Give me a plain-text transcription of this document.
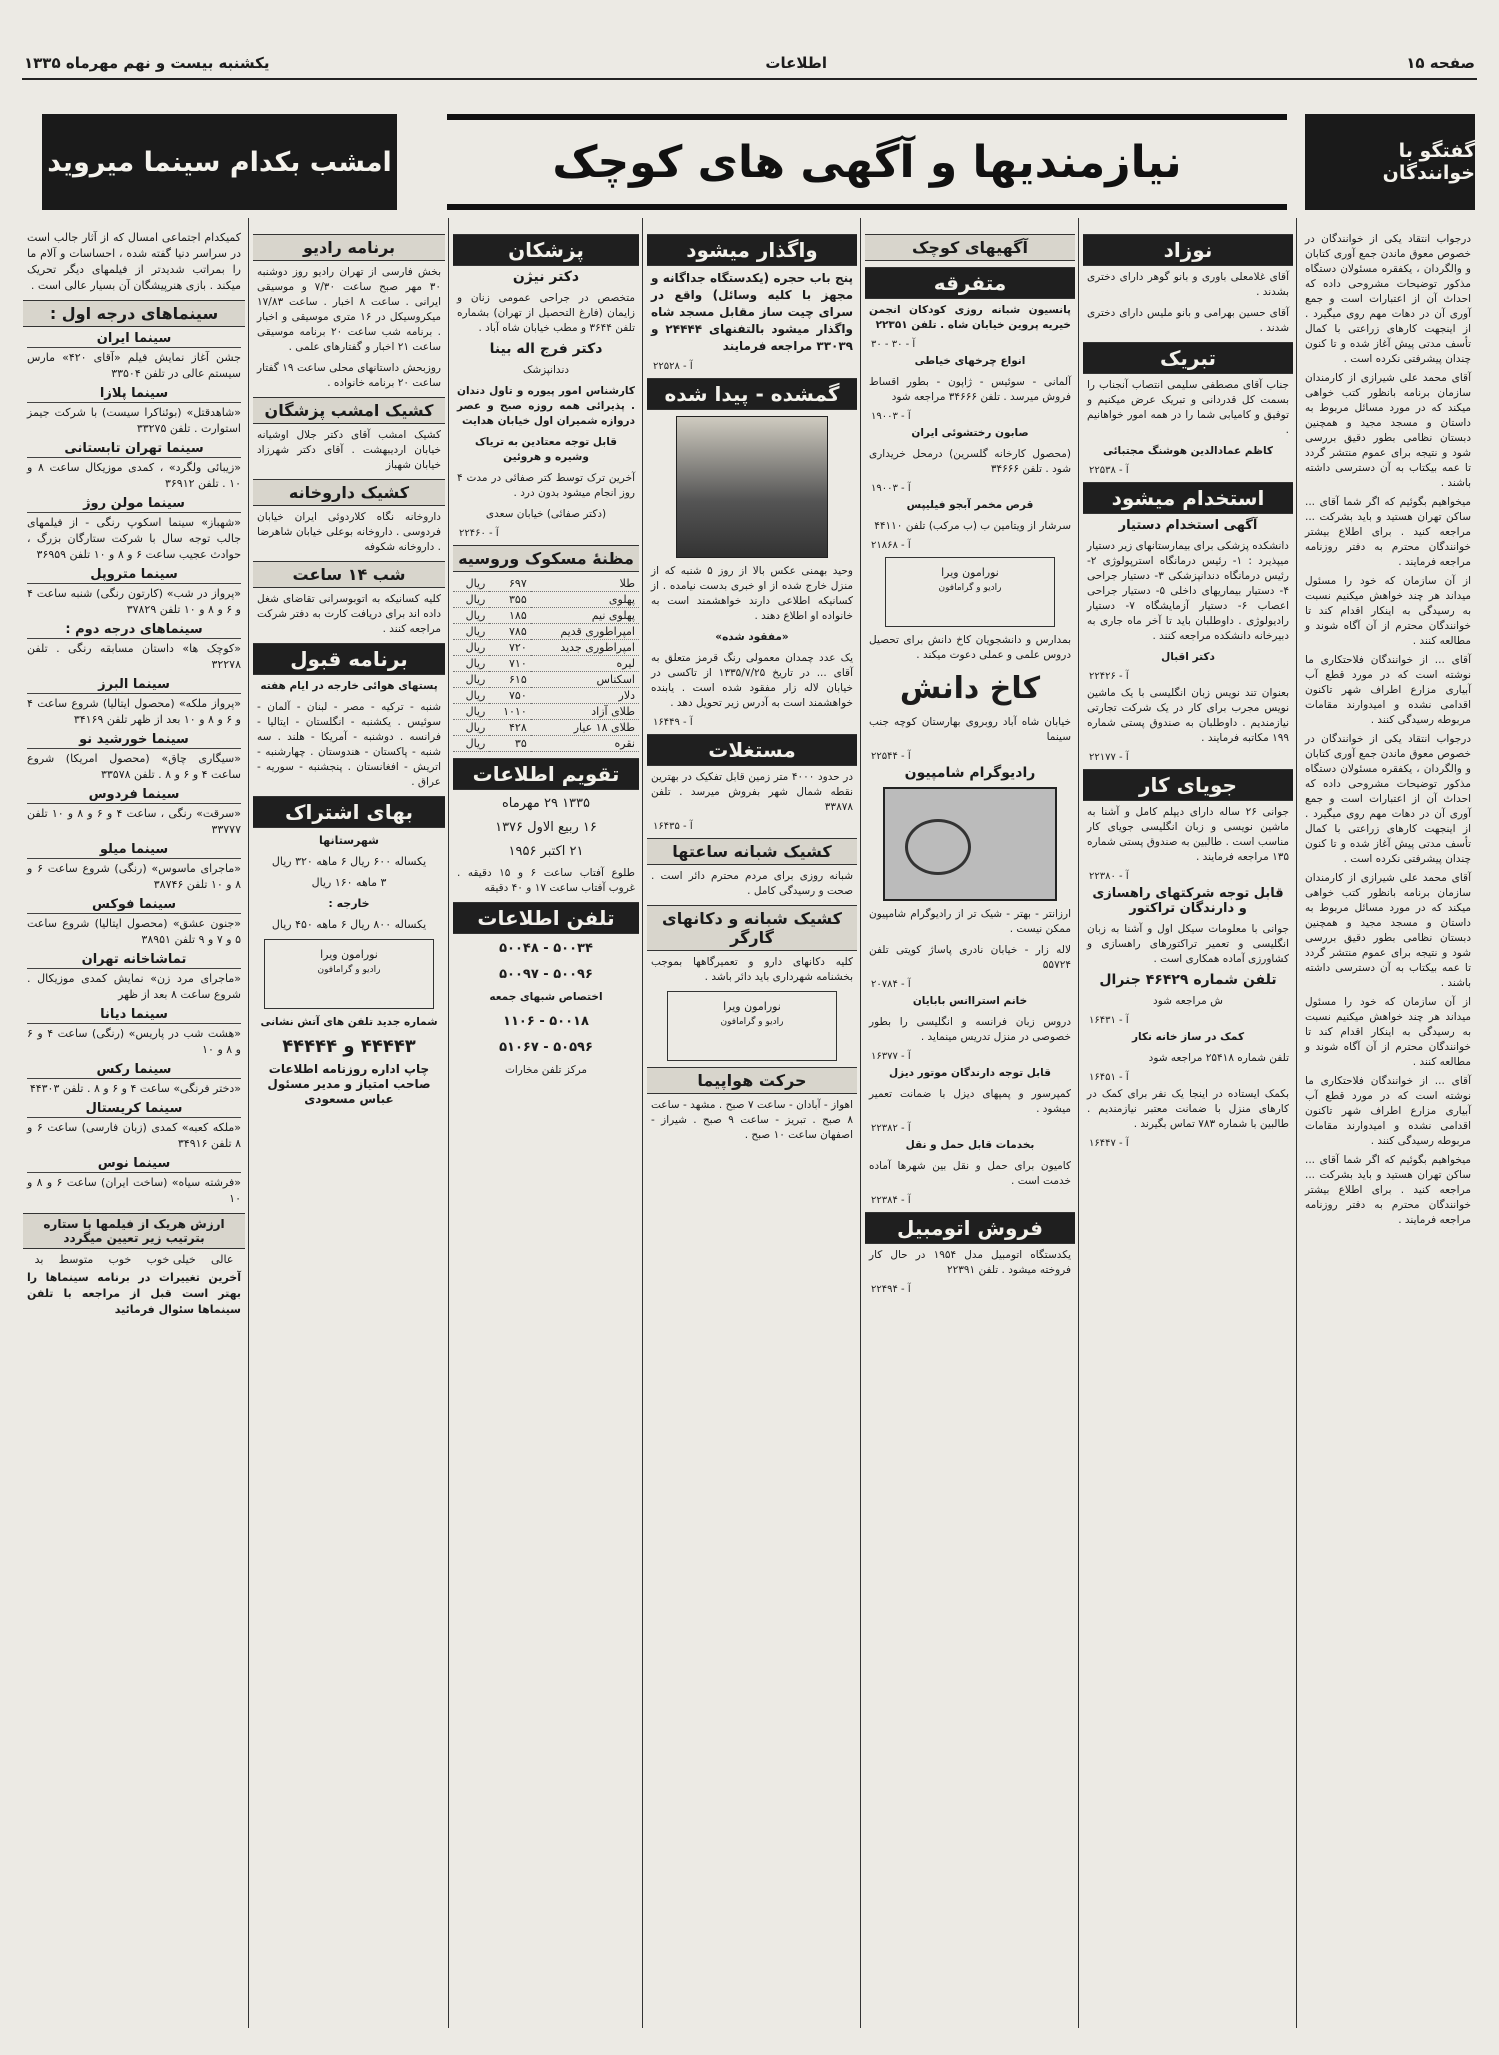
صفحه ۱۵
اطلاعات
یکشنبه بیست و نهم مهرماه ۱۳۳۵
گفتگو با خوانندگان
نیازمندیها و آگهی های کوچک
امشب بکدام سینما میروید

درجواب انتقاد یکی از خوانندگان در خصوص معوق ماندن جمع آوری کتابان و والگردان ، یکفقره مسئولان دستگاه مذکور توضیحات مشروحی داده که احداث آن از اعتبارات است و جمع آوری آن در دهات مهم روی میگیرد . از اینجهت کارهای زراعتی با کمال تأسف مدتی پیش آغاز شده و تا کنون چندان پیشرفتی نکرده است .

آقای محمد علی شیرازی از کارمندان سازمان برنامه بانظور کتب خواهی میکند که در مورد مسائل مربوط به داستان و مسجد مجید و همچنین دبستان نظامی بطور دقیق بررسی شود و نتیجه برای عموم منتشر گردد تا عمه بیکتاب به آن دسترسی داشته باشند .

میخواهیم بگوئیم که اگر شما آقای ... ساکن تهران هستید و باید بشرکت ... مراجعه کنید . برای اطلاع بیشتر خوانندگان محترم به دفتر روزنامه مراجعه فرمایند .

از آن سازمان که خود را مسئول میداند هر چند خواهش میکنیم نسبت به رسیدگی به اینکار اقدام کند تا خوانندگان محترم از آن آگاه شوند و مطالعه کنند .

آقای ... از خوانندگان فلاحتکاری ما نوشته است که در مورد قطع آب آبیاری مزارع اطراف شهر تاکنون اقدامی نشده و امیدوارند مقامات مربوطه رسیدگی کنند .

درجواب انتقاد یکی از خوانندگان در خصوص معوق ماندن جمع آوری کتابان و والگردان ، یکفقره مسئولان دستگاه مذکور توضیحات مشروحی داده که احداث آن از اعتبارات است و جمع آوری آن در دهات مهم روی میگیرد . از اینجهت کارهای زراعتی با کمال تأسف مدتی پیش آغاز شده و تا کنون چندان پیشرفتی نکرده است .

آقای محمد علی شیرازی از کارمندان سازمان برنامه بانظور کتب خواهی میکند که در مورد مسائل مربوط به داستان و مسجد مجید و همچنین دبستان نظامی بطور دقیق بررسی شود و نتیجه برای عموم منتشر گردد تا عمه بیکتاب به آن دسترسی داشته باشند .

از آن سازمان که خود را مسئول میداند هر چند خواهش میکنیم نسبت به رسیدگی به اینکار اقدام کند تا خوانندگان محترم از آن آگاه شوند و مطالعه کنند .

آقای ... از خوانندگان فلاحتکاری ما نوشته است که در مورد قطع آب آبیاری مزارع اطراف شهر تاکنون اقدامی نشده و امیدوارند مقامات مربوطه رسیدگی کنند .

میخواهیم بگوئیم که اگر شما آقای ... ساکن تهران هستید و باید بشرکت ... مراجعه کنید . برای اطلاع بیشتر خوانندگان محترم به دفتر روزنامه مراجعه فرمایند .

نوزاد

آقای غلامعلی باوری و بانو گوهر دارای دختری بشدند .

آقای حسین بهرامی و بانو ملیس دارای دختری شدند .

تبریک

جناب آقای مصطفی سلیمی انتصاب آنجناب را بسمت کل قدردانی و تبریک عرض میکنیم و توفیق و کامیابی شما را در همه امور خواهانیم .

کاظم عمادالدین هوشنگ مجتبائی

آ - ۲۲۵۳۸
استخدام میشود

آگهی استخدام دستیار

دانشکده پزشکی برای بیمارستانهای زیر دستیار میپذیرد : ۱- رئیس درمانگاه استرپولوژی ۲- رئیس درمانگاه دندانپزشکی ۳- دستیار جراحی ۴- دستیار بیماریهای داخلی ۵- دستیار جراحی اعصاب ۶- دستیار آزمایشگاه ۷- دستیار رادیولوژی . داوطلبان باید تا آخر ماه جاری به دبیرخانه دانشکده مراجعه کنند .

دکتر اقبال

آ - ۲۲۴۲۶

بعنوان تند نویس زبان انگلیسی با یک ماشین نویس مجرب برای کار در یک شرکت تجارتی نیازمندیم . داوطلبان به صندوق پستی شماره ۱۹۹ مکاتبه فرمایند .

آ - ۲۲۱۷۷
جویای کار

جوانی ۲۶ ساله دارای دیپلم کامل و آشنا به ماشین نویسی و زبان انگلیسی جویای کار مناسب است . طالبین به صندوق پستی شماره ۱۳۵ مراجعه فرمایند .

آ - ۲۲۳۸۰

قابل توجه شرکتهای راهسازی و دارندگان تراکتور

جوانی با معلومات سیکل اول و آشنا به زبان انگلیسی و تعمیر تراکتورهای راهسازی و کشاورزی آماده همکاری است .

تلفن شماره ۴۶۴۲۹ جنرال

ش مراجعه شود

آ - ۱۶۴۳۱

کمک در ساز خانه نکار

تلفن شماره ۲۵۴۱۸ مراجعه شود

آ - ۱۶۴۵۱

بکمک ایستاده در اینجا یک نفر برای کمک در کارهای منزل با ضمانت معتبر نیازمندیم . طالبین با شماره ۷۸۳ تماس بگیرند .

آ - ۱۶۴۴۷
آگهیهای کوچک
متفرقه

پانسیون شبانه روزی کودکان انجمن خیریه پروین خیابان شاه . تلفن ۲۲۳۵۱

آ - ۳۰ - ۳۰

انواع چرخهای خیاطی

آلمانی - سوئیس - ژاپون - بطور اقساط فروش میرسد . تلفن ۳۴۶۶۶ مراجعه شود

آ - ۱۹۰۰۳

صابون رختشوئی ایران

(محصول کارخانه گلسرین) درمحل خریداری شود . تلفن ۳۴۶۶۶

آ - ۱۹۰۰۳

قرص مخمر آبجو فیلیپس

سرشار از ویتامین ب (ب مرکب) تلفن ۴۴۱۱۰

آ - ۲۱۸۶۸
نورامون ویرا
رادیو و گرامافون

بمدارس و دانشجویان کاخ دانش برای تحصیل دروس علمی و عملی دعوت میکند .

کاخ دانش

خیابان شاه آباد روبروی بهارستان کوچه جنب سینما

آ - ۲۲۵۴۴

رادیوگرام شامپیون

ارزانتر - بهتر - شیک تر از رادیوگرام شامپیون ممکن نیست .

لاله زار - خیابان نادری پاساژ کویتی تلفن ۵۵۷۲۴

آ - ۲۰۷۸۴

خانم استراانس بابایان

دروس زبان فرانسه و انگلیسی را بطور خصوصی در منزل تدریس مینماید .

آ - ۱۶۳۷۷

قابل توجه دارندگان موتور دیزل

کمپرسور و پمپهای دیزل با ضمانت تعمیر میشود .

آ - ۲۲۳۸۲

بخدمات قابل حمل و نقل

کامیون برای حمل و نقل بین شهرها آماده خدمت است .

آ - ۲۲۳۸۴
فروش اتومبیل

یکدستگاه اتومبیل مدل ۱۹۵۴ در حال کار فروخته میشود . تلفن ۲۲۳۹۱

آ - ۲۲۴۹۴
واگذار میشود

پنج باب حجره (یکدستگاه جداگانه و مجهز با کلیه وسائل) واقع در سرای چیت ساز مقابل مسجد شاه واگذار میشود بالتفنهای ۲۴۴۴۴ و ۳۳۰۳۹ مراجعه فرمایند

آ - ۲۲۵۲۸
گمشده - پیدا شده

وحید بهمنی عکس بالا از روز ۵ شنبه که از منزل خارج شده از او خبری بدست نیامده . از کسانیکه اطلاعی دارند خواهشمند است به خانواده او اطلاع دهند .

«مفقود شده»

یک عدد چمدان معمولی رنگ قرمز متعلق به آقای ... در تاریخ ۱۳۳۵/۷/۲۵ از تاکسی در خیابان لاله زار مفقود شده است . یابنده خواهشمند است به آدرس زیر تحویل دهد .

آ - ۱۶۴۴۹
مستغلات

در حدود ۴۰۰۰ متر زمین قابل تفکیک در بهترین نقطه شمال شهر بفروش میرسد . تلفن ۳۳۸۷۸

آ - ۱۶۴۳۵
کشیک شبانه ساعتها

شبانه روزی برای مردم محترم دائر است . صحت و رسیدگی کامل .

کشیک شبانه و دکانهای گارگر

کلیه دکانهای دارو و تعمیرگاهها بموجب بخشنامه شهرداری باید دائر باشد .

نورامون ویرا
رادیو و گرامافون
حرکت هواپیما

اهواز - آبادان - ساعت ۷ صبح . مشهد - ساعت ۸ صبح . تبریز - ساعت ۹ صبح . شیراز - اصفهان ساعت ۱۰ صبح .

پزشکان

دکتر نیژن

متخصص در جراحی عمومی زنان و زایمان (فارغ التحصیل از تهران) بشماره تلفن ۳۶۴۴ و مطب خیابان شاه آباد .

دکتر فرج اله بینا

دندانپزشک

کارشناس امور پیوره و تاول دندان . پذیرائی همه روزه صبح و عصر دروازه شمیران اول خیابان هدایت

قابل توجه معتادین به تریاک وشیره و هروئین

آخرین ترک توسط کتر صفائی در مدت ۴ روز انجام میشود بدون درد .

(دکتر صفائی) خیابان سعدی

آ - ۲۲۴۶۰
مظنهٔ مسکوک وروسیه
طلا	۶۹۷	ریال
پهلوی	۳۵۵	ریال
پهلوی نیم	۱۸۵	ریال
امپراطوری قدیم	۷۸۵	ریال
امپراطوری جدید	۷۲۰	ریال
لیره	۷۱۰	ریال
اسکناس	۶۱۵	ریال
دلار	۷۵۰	ریال
طلای آزاد	۱۰۱۰	ریال
طلای ۱۸ عیار	۴۲۸	ریال
نقره	۳۵	ریال
تقویم اطلاعات
۱۳۳۵ ۲۹ مهرماه
۱۶ ربیع الاول ۱۳۷۶
۲۱ اکتبر ۱۹۵۶

طلوع آفتاب ساعت ۶ و ۱۵ دقیقه . غروب آفتاب ساعت ۱۷ و ۴۰ دقیقه

تلفن اطلاعات
۵۰۰۳۴ - ۵۰۰۴۸
۵۰۰۹۶ - ۵۰۰۹۷

اختصاص شبهای جمعه

۵۰۰۱۸ - ۱۱۰۶
۵۰۵۹۶ - ۵۱۰۶۷

مرکز تلفن مخارات

برنامه رادیو

بخش فارسی از تهران رادیو روز دوشنبه ۳۰ مهر صبح ساعت ۷/۳۰ و موسیقی ایرانی . ساعت ۸ اخبار . ساعت ۱۷/۸۳ میکروسیکل در ۱۶ متری موسیقی و اخبار . برنامه شب ساعت ۲۰ برنامه موسیقی ساعت ۲۱ اخبار و گفتارهای علمی .

روزبحش داستانهای محلی ساعت ۱۹ گفتار ساعت ۲۰ برنامه خانواده .

کشیک امشب پزشگان

کشیک امشب آقای دکتر جلال اوشیانه خیابان اردیبهشت . آقای دکتر شهرزاد خیابان شهباز

کشیک داروخانه

داروخانه نگاه کلاردوئی ایران خیابان فردوسی . داروخانه بوعلی خیابان شاهرضا . داروخانه شکوفه

شب ۱۴ ساعت

کلیه کسانیکه به اتوبوسرانی تقاضای شغل داده اند برای دریافت کارت به دفتر شرکت مراجعه کنند .

برنامه قبول

پستهای هوائی خارجه در ایام هفته

شنبه - ترکیه - مصر - لبنان - آلمان - سوئیس . یکشنبه - انگلستان - ایتالیا - فرانسه . دوشنبه - آمریکا - هلند . سه شنبه - پاکستان - هندوستان . چهارشنبه - اتریش - افغانستان . پنجشنبه - سوریه - عراق .

بهای اشتراک

شهرستانها

یکساله ۶۰۰ ریال ۶ ماهه ۳۲۰ ریال

۳ ماهه ۱۶۰ ریال

خارجه :

یکساله ۸۰۰ ریال ۶ ماهه ۴۵۰ ریال

نورامون ویرا
رادیو و گرامافون

شماره جدید تلفن های آتش نشانی

۴۴۴۴۳ و ۴۴۴۴۴

چاپ اداره روزنامه اطلاعات صاحب امتیاز و مدیر مسئول عباس مسعودی

کمیکدام اجتماعی امسال که از آثار جالب است در سراسر دنیا گفته شده ، احساسات و آلام ما را بمراتب شدیدتر از فیلمهای دیگر تحریک میکند . بازی هنرپیشگان آن بسیار عالی است .

سینماهای درجه اول :
سینما ایران
جشن آغاز نمایش فیلم «آقای ۴۲۰» مارس سیستم عالی در تلفن ۳۳۵۰۴
سینما پلازا
«شاهدقتل» (بوئناکرا سیست) با شرکت جیمز استوارت . تلفن ۳۳۲۷۵
سینما تهران تابستانی
«زیبائی ولگرد» ، کمدی موزیکال ساعت ۸ و ۱۰ . تلفن ۳۶۹۱۲
سینما مولن روژ
«شهباز» سینما اسکوپ رنگی - از فیلمهای جالب توجه سال با شرکت ستارگان بزرگ ، حوادث عجیب ساعت ۶ و ۸ و ۱۰ تلفن ۳۶۹۵۹
سینما متروپل
«پرواز در شب» (کارتون رنگی) شنبه ساعت ۴ و ۶ و ۸ و ۱۰ تلفن ۳۷۸۲۹
سینماهای درجه دوم :
«کوچک ها» داستان مسابقه رنگی . تلفن ۳۲۲۷۸
سینما البرز
«پرواز ملکه» (محصول ایتالیا) شروع ساعت ۴ و ۶ و ۸ و ۱۰ بعد از ظهر تلفن ۳۴۱۶۹
سینما خورشید نو
«سیگاری چاق» (محصول امریکا) شروع ساعت ۴ و ۶ و ۸ . تلفن ۳۳۵۷۸
سینما فردوس
«سرقت» رنگی ، ساعت ۴ و ۶ و ۸ و ۱۰ تلفن ۳۳۷۷۷
سینما میلو
«ماجرای ماسوس» (رنگی) شروع ساعت ۶ و ۸ و ۱۰ تلفن ۳۸۷۴۶
سینما فوکس
«جنون عشق» (محصول ایتالیا) شروع ساعت ۵ و ۷ و ۹ تلفن ۳۸۹۵۱
تماشاخانه تهران
«ماجرای مرد زن» نمایش کمدی موزیکال . شروع ساعت ۸ بعد از ظهر
سینما دیانا
«هشت شب در پاریس» (رنگی) ساعت ۴ و ۶ و ۸ و ۱۰
سینما رکس
«دختر فرنگی» ساعت ۴ و ۶ و ۸ . تلفن ۴۴۳۰۳
سینما کریستال
«ملکه کعبه» کمدی (زبان فارسی) ساعت ۶ و ۸ تلفن ۳۴۹۱۶
سینما نوس
«فرشته سیاه» (ساخت ایران) ساعت ۶ و ۸ و ۱۰
ارزش هریک از فیلمها با ستاره بترتیب زیر تعیین میگردد
عالی
خیلی خوب
خوب
متوسط
بد

آخرین تغییرات در برنامه سینماها را بهتر است قبل از مراجعه با تلفن سینماها سئوال فرمائید
